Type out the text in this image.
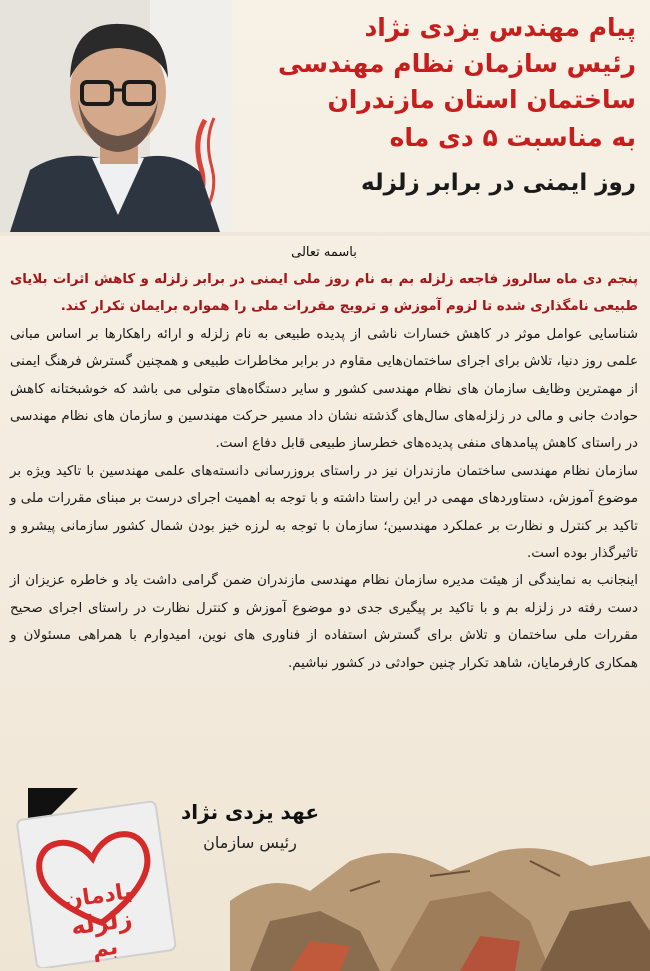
پیام مهندس یزدی نژاد
رئیس سازمان نظام مهندسی
ساختمان استان مازندران
به مناسبت ۵ دی ماه
روز ایمنی در برابر زلزله
باسمه تعالی

پنجم دی ماه سالروز فاجعه زلزله بم به نام روز ملی ایمنی در برابر زلزله و کاهش اثرات بلایای طبیعی نامگذاری شده تا لزوم آموزش و ترویج مقررات ملی را همواره برایمان تکرار کند.

شناسایی عوامل موثر در کاهش خسارات ناشی از پدیده طبیعی به نام زلزله و ارائه راهکارها بر اساس مبانی علمی روز دنیا، تلاش برای اجرای ساختمان‌هایی مقاوم در برابر مخاطرات طبیعی و همچنین گسترش فرهنگ ایمنی از مهمترین وظایف سازمان های نظام مهندسی کشور و سایر دستگاه‌های متولی می باشد که خوشبختانه کاهش حوادث جانی و مالی در زلزله‌های سال‌های گذشته نشان داد مسیر حرکت مهندسین و سازمان های نظام مهندسی در راستای کاهش پیامدهای منفی پدیده‌های خطرساز طبیعی قابل دفاع است.

سازمان نظام مهندسی ساختمان مازندران نیز در راستای بروزرسانی دانسته‌های علمی مهندسین با تاکید ویژه بر موضوع آموزش، دستاوردهای مهمی در این راستا داشته و با توجه به اهمیت اجرای درست بر مبنای مقررات ملی و تاکید بر کنترل و نظارت بر عملکرد مهندسین؛ سازمان با توجه به لرزه خیز بودن شمال کشور سازمانی پیشرو و تاثیرگذار بوده است.

اینجانب به نمایندگی از هیئت مدیره سازمان نظام مهندسی مازندران ضمن گرامی داشت یاد و خاطره عزیزان از دست رفته در زلزله بم و با تاکید بر پیگیری جدی دو موضوع آموزش و کنترل نظارت در راستای اجرای صحیح مقررات ملی ساختمان و تلاش برای گسترش استفاده از فناوری های نوین، امیدوارم با همراهی مسئولان و همکاری کارفرمایان، شاهد تکرار چنین حوادثی در کشور نباشیم.

عهد یزدی نژاد
رئیس سازمان
یادمان
زلزله
بم
